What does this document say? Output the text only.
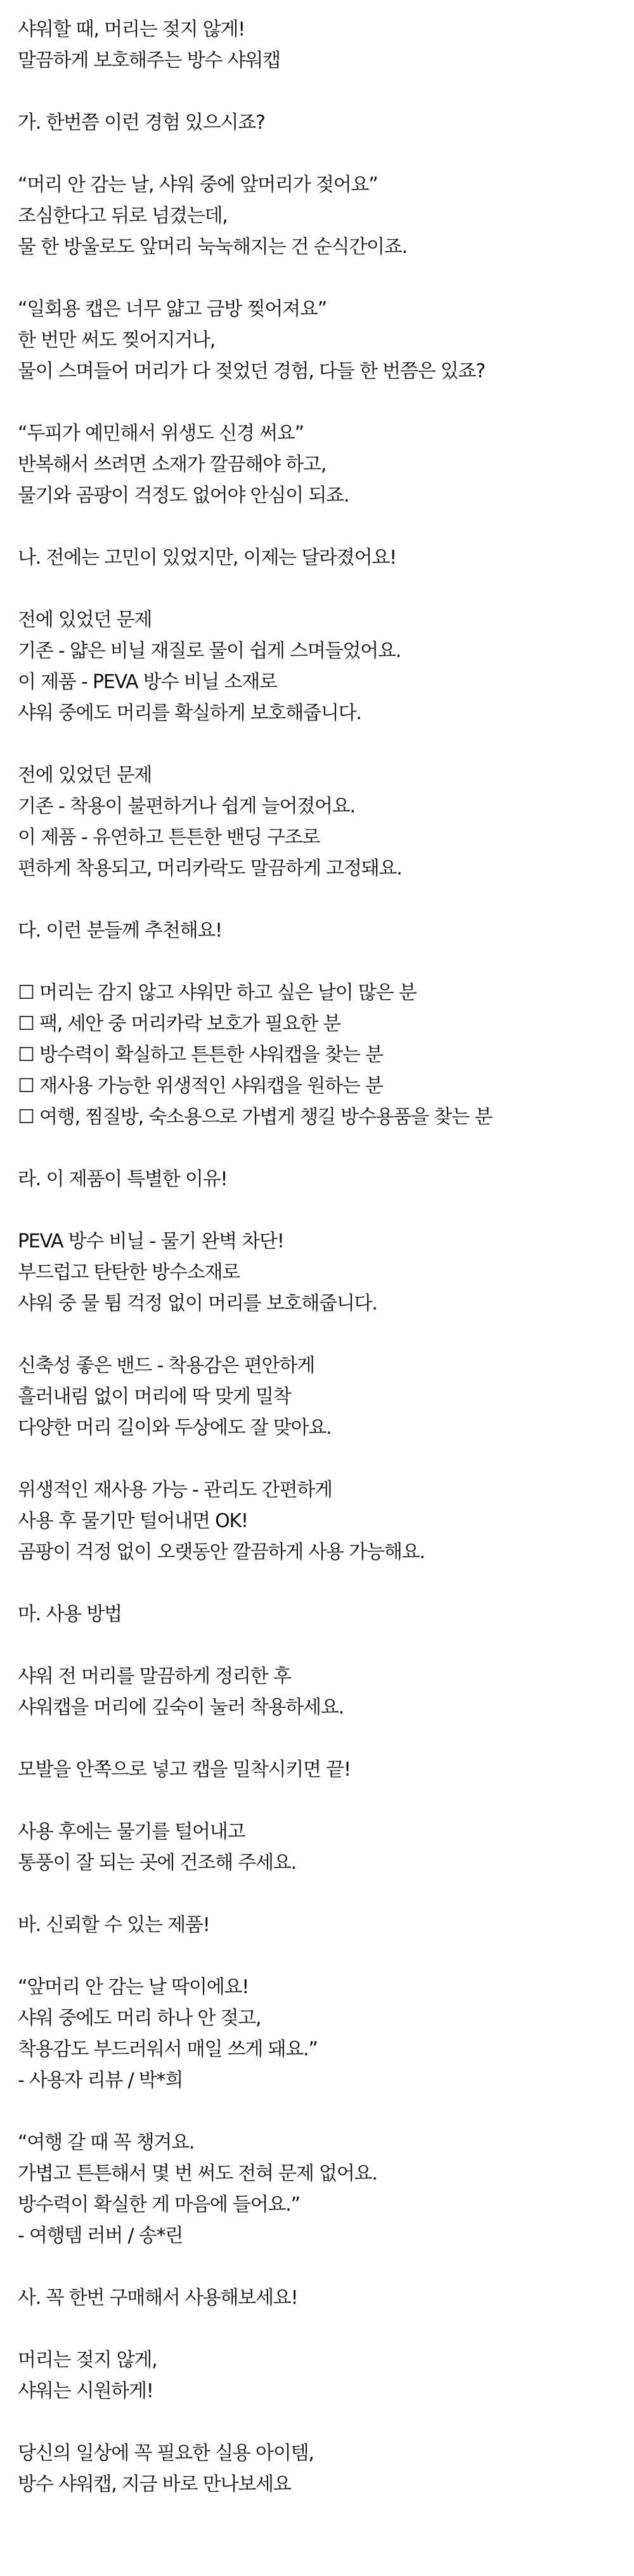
샤워할 때, 머리는 젖지 않게!
말끔하게 보호해주는 방수 샤워캡
가. 한번쯤 이런 경험 있으시죠?
“머리 안 감는 날, 샤워 중에 앞머리가 젖어요”
조심한다고 뒤로 넘겼는데,
물 한 방울로도 앞머리 눅눅해지는 건 순식간이죠.
“일회용 캡은 너무 얇고 금방 찢어져요”
한 번만 써도 찢어지거나,
물이 스며들어 머리가 다 젖었던 경험, 다들 한 번쯤은 있죠?
“두피가 예민해서 위생도 신경 써요”
반복해서 쓰려면 소재가 깔끔해야 하고,
물기와 곰팡이 걱정도 없어야 안심이 되죠.
나. 전에는 고민이 있었지만, 이제는 달라졌어요!
전에 있었던 문제
기존 - 얇은 비닐 재질로 물이 쉽게 스며들었어요.
이 제품 - PEVA 방수 비닐 소재로
샤워 중에도 머리를 확실하게 보호해줍니다.
전에 있었던 문제
기존 - 착용이 불편하거나 쉽게 늘어졌어요.
이 제품 - 유연하고 튼튼한 밴딩 구조로
편하게 착용되고, 머리카락도 말끔하게 고정돼요.
다. 이런 분들께 추천해요!
☐ 머리는 감지 않고 샤워만 하고 싶은 날이 많은 분
☐ 팩, 세안 중 머리카락 보호가 필요한 분
☐ 방수력이 확실하고 튼튼한 샤워캡을 찾는 분
☐ 재사용 가능한 위생적인 샤워캡을 원하는 분
☐ 여행, 찜질방, 숙소용으로 가볍게 챙길 방수용품을 찾는 분
라. 이 제품이 특별한 이유!
PEVA 방수 비닐 - 물기 완벽 차단!
부드럽고 탄탄한 방수소재로
샤워 중 물 튐 걱정 없이 머리를 보호해줍니다.
신축성 좋은 밴드 - 착용감은 편안하게
흘러내림 없이 머리에 딱 맞게 밀착
다양한 머리 길이와 두상에도 잘 맞아요.
위생적인 재사용 가능 - 관리도 간편하게
사용 후 물기만 털어내면 OK!
곰팡이 걱정 없이 오랫동안 깔끔하게 사용 가능해요.
마. 사용 방법
샤워 전 머리를 말끔하게 정리한 후
샤워캡을 머리에 깊숙이 눌러 착용하세요.
모발을 안쪽으로 넣고 캡을 밀착시키면 끝!
사용 후에는 물기를 털어내고
통풍이 잘 되는 곳에 건조해 주세요.
바. 신뢰할 수 있는 제품!
“앞머리 안 감는 날 딱이에요!
샤워 중에도 머리 하나 안 젖고,
착용감도 부드러워서 매일 쓰게 돼요.”
- 사용자 리뷰 / 박*희
“여행 갈 때 꼭 챙겨요.
가볍고 튼튼해서 몇 번 써도 전혀 문제 없어요.
방수력이 확실한 게 마음에 들어요.”
- 여행템 러버 / 송*린
사. 꼭 한번 구매해서 사용해보세요!
머리는 젖지 않게,
샤워는 시원하게!
당신의 일상에 꼭 필요한 실용 아이템,
방수 샤워캡, 지금 바로 만나보세요
